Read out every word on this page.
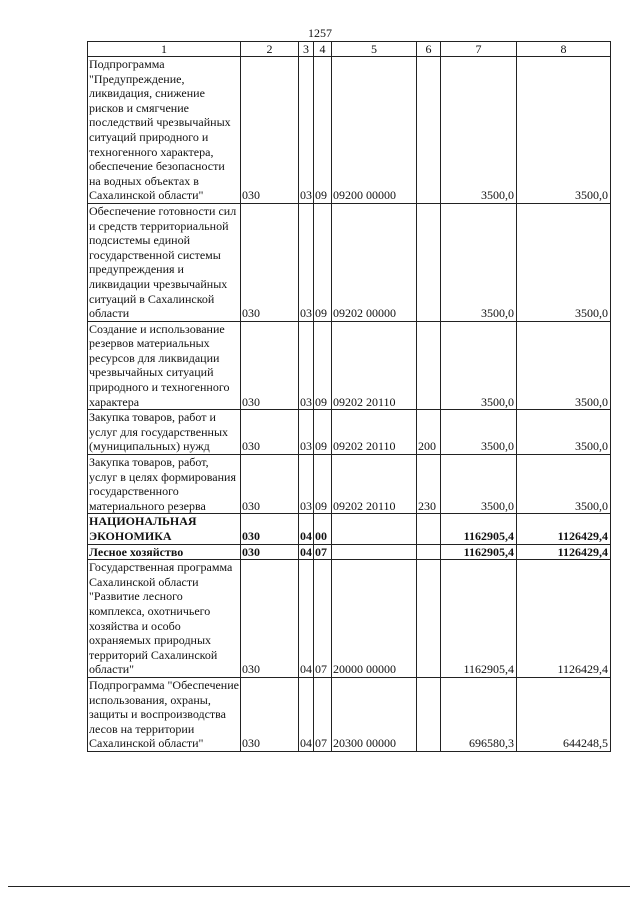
1257
1	2	3	4	5	6	7	8
Подпрограмма "Предупреждение, ликвидация, снижение рисков и смягчение последствий чрезвычайных ситуаций природного и техногенного характера, обеспечение безопасности на водных объектах в Сахалинской области"	030	03	09	09200 00000		3500,0	3500,0
Обеспечение готовности сил и средств территориальной подсистемы единой государственной системы предупреждения и ликвидации чрезвычайных ситуаций в Сахалинской области	030	03	09	09202 00000		3500,0	3500,0
Создание и использование резервов материальных ресурсов для ликвидации чрезвычайных ситуаций природного и техногенного характера	030	03	09	09202 20110		3500,0	3500,0
Закупка товаров, работ и услуг для государственных (муниципальных) нужд	030	03	09	09202 20110	200	3500,0	3500,0
Закупка товаров, работ, услуг в целях формирования государственного материального резерва	030	03	09	09202 20110	230	3500,0	3500,0
НАЦИОНАЛЬНАЯ ЭКОНОМИКА	030	04	00			1162905,4	1126429,4
Лесное хозяйство	030	04	07			1162905,4	1126429,4
Государственная программа Сахалинской области "Развитие лесного комплекса, охотничьего хозяйства и особо охраняемых природных территорий Сахалинской области"	030	04	07	20000 00000		1162905,4	1126429,4
Подпрограмма "Обеспечение использования, охраны, защиты и воспроизводства лесов на территории Сахалинской области"	030	04	07	20300 00000		696580,3	644248,5
